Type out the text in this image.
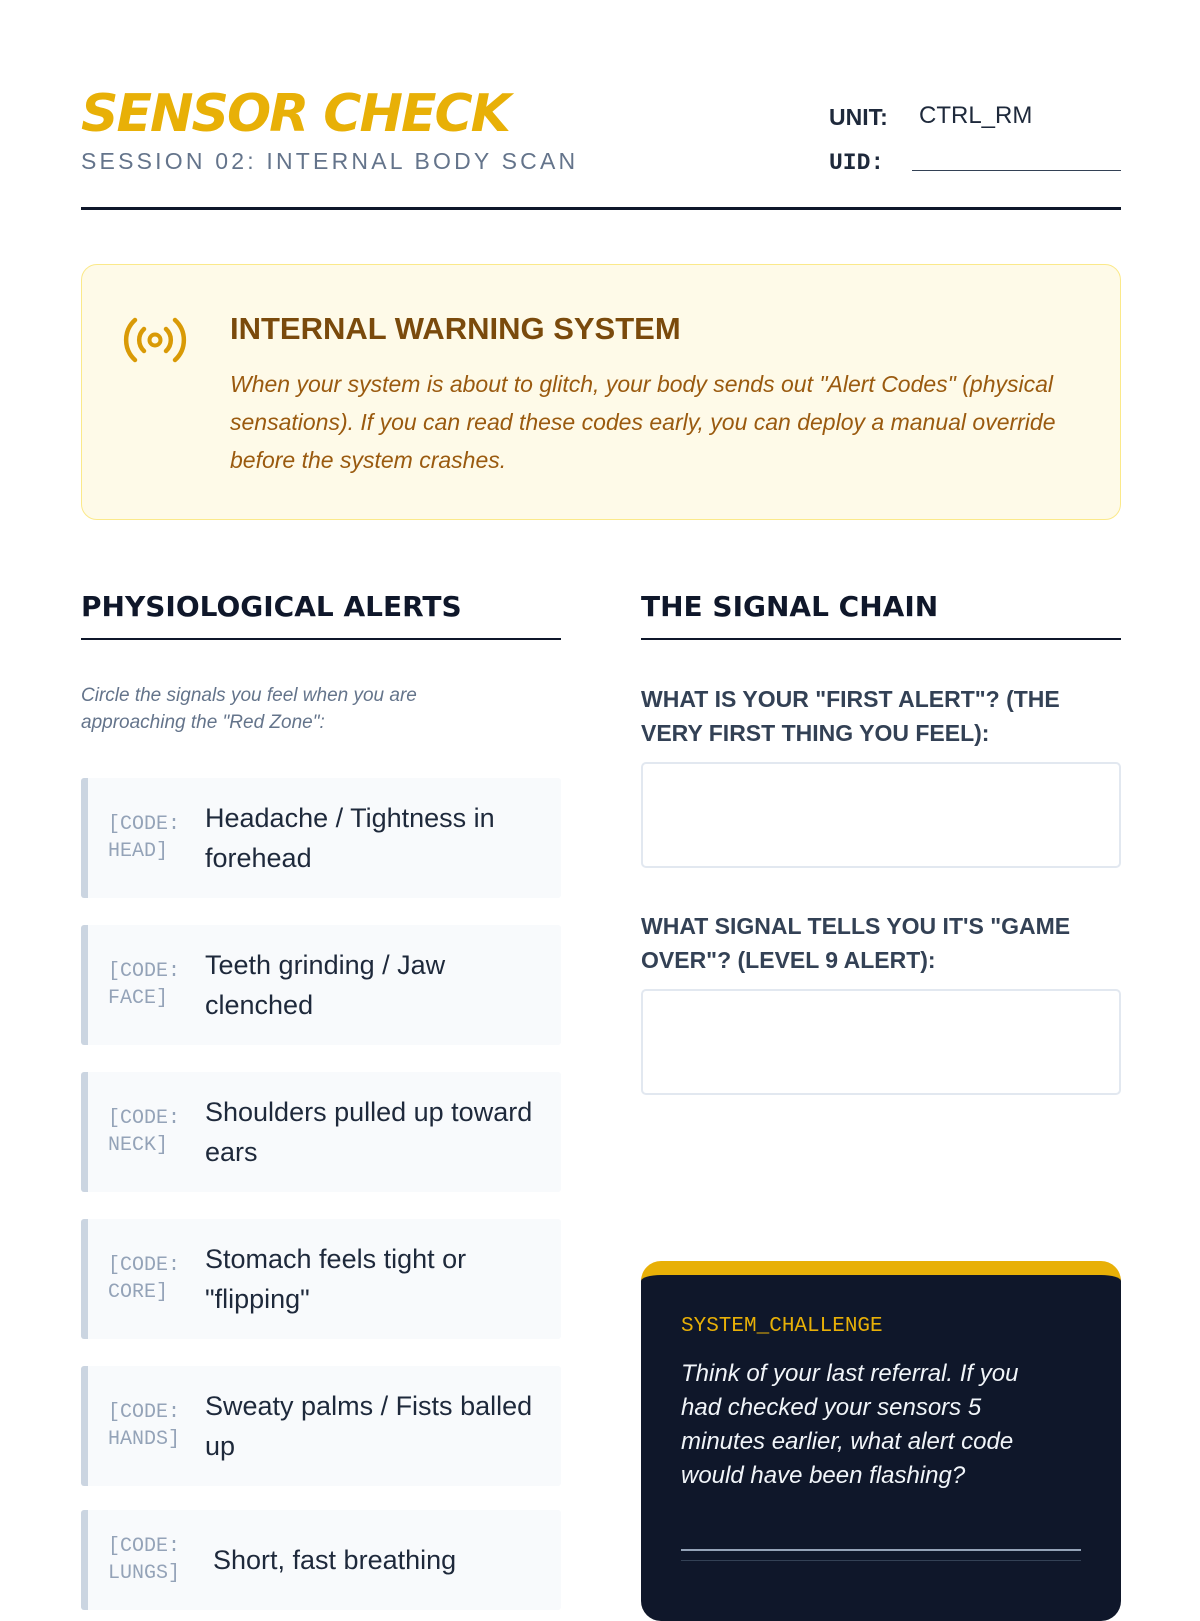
SENSOR CHECK
SESSION 02: INTERNAL BODY SCAN
UNIT: CTRL_RM
UID:
INTERNAL WARNING SYSTEM
When your system is about to glitch, your body sends out "Alert Codes" (physical sensations). If you can read these codes early, you can deploy a manual override before the system crashes.
PHYSIOLOGICAL ALERTS
Circle the signals you feel when you are approaching the "Red Zone":
[CODE: HEAD]
Headache / Tightness in forehead
[CODE: FACE]
Teeth grinding / Jaw clenched
[CODE: NECK]
Shoulders pulled up toward ears
[CODE: CORE]
Stomach feels tight or "flipping"
[CODE: HANDS]
Sweaty palms / Fists balled up
[CODE: LUNGS] Short, fast breathing
THE SIGNAL CHAIN
WHAT IS YOUR "FIRST ALERT"? (THE VERY FIRST THING YOU FEEL):
WHAT SIGNAL TELLS YOU IT'S "GAME OVER"? (LEVEL 9 ALERT):
SYSTEM_CHALLENGE
Think of your last referral. If you had checked your sensors 5 minutes earlier, what alert code would have been flashing?
